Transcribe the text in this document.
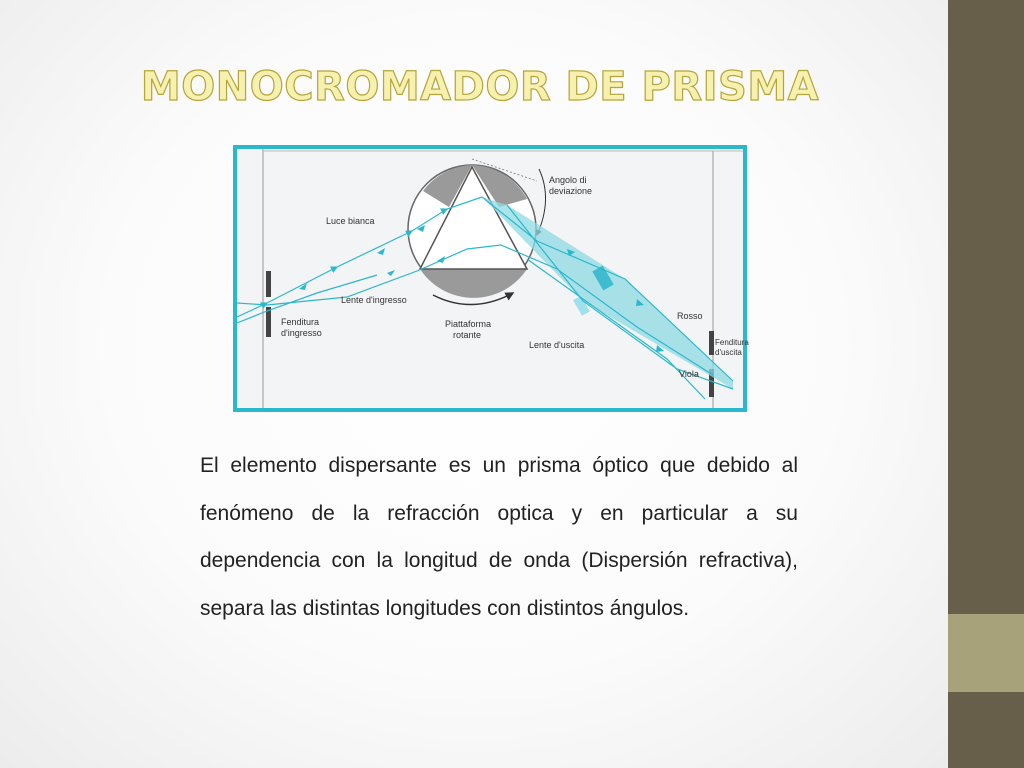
MONOCROMADOR DE PRISMA
Angolo di
deviazione
Luce bianca
Lente d'ingresso
Fenditura
d'ingresso
Piattaforma
rotante
Lente d'uscita
Rosso
Fenditura
d'uscita
Viola
El elemento dispersante es un prisma óptico que debido al fenómeno de la refracción optica y en particular a su dependencia con la longitud de onda (Dispersión refractiva), separa las distintas longitudes con distintos ángulos.
